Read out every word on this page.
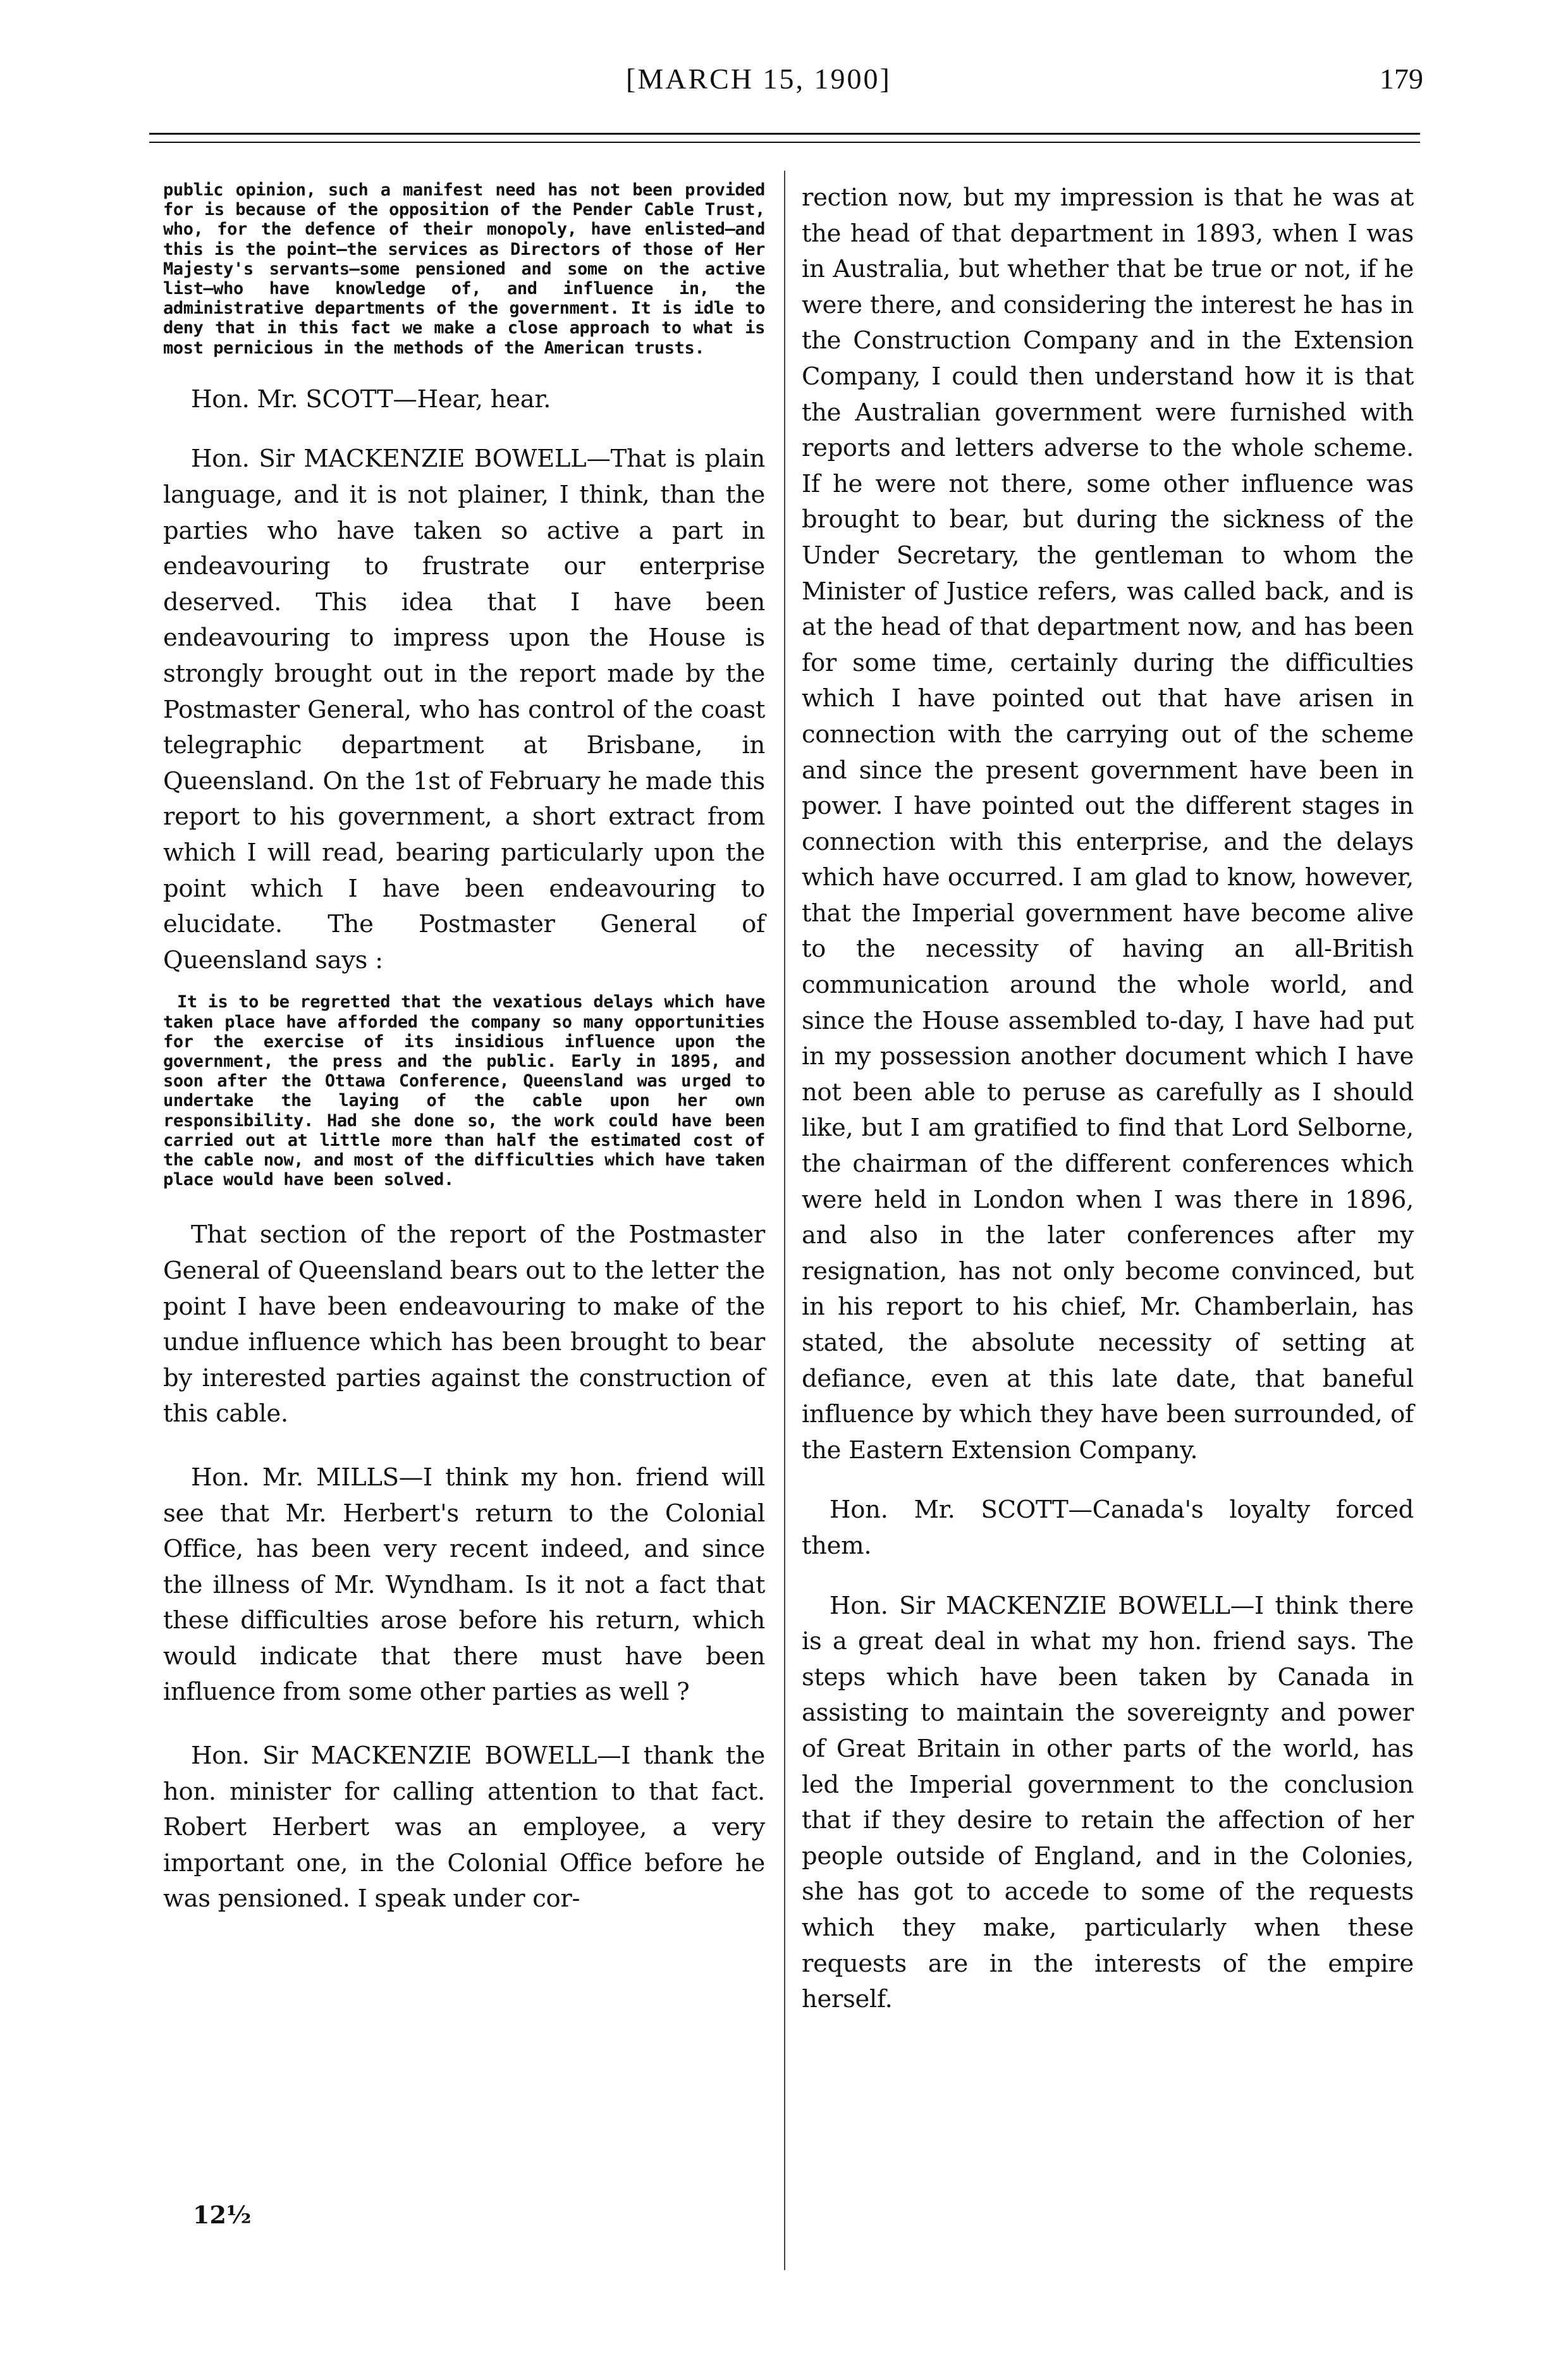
[MARCH 15, 1900]	179

public opinion, such a manifest need has not been provided for is because of the opposition of the Pender Cable Trust, who, for the defence of their monopoly, have enlisted—and this is the point—the services as Directors of those of Her Majesty's servants—some pensioned and some on the active list—who have knowledge of, and influence in, the administrative departments of the government. It is idle to deny that in this fact we make a close approach to what is most pernicious in the methods of the American trusts.

Hon. Mr. SCOTT—Hear, hear.

Hon. Sir MACKENZIE BOWELL—That is plain language, and it is not plainer, I think, than the parties who have taken so active a part in endeavouring to frustrate our enterprise deserved. This idea that I have been endeavouring to impress upon the House is strongly brought out in the report made by the Postmaster General, who has control of the coast telegraphic department at Brisbane, in Queensland. On the 1st of February he made this report to his government, a short extract from which I will read, bearing particularly upon the point which I have been endeavouring to elucidate. The Postmaster General of Queensland says :

It is to be regretted that the vexatious delays which have taken place have afforded the company so many opportunities for the exercise of its insidious influence upon the government, the press and the public. Early in 1895, and soon after the Ottawa Conference, Queensland was urged to undertake the laying of the cable upon her own responsibility. Had she done so, the work could have been carried out at little more than half the estimated cost of the cable now, and most of the difficulties which have taken place would have been solved.

That section of the report of the Postmaster General of Queensland bears out to the letter the point I have been endeavouring to make of the undue influence which has been brought to bear by interested parties against the construction of this cable.

Hon. Mr. MILLS—I think my hon. friend will see that Mr. Herbert's return to the Colonial Office, has been very recent indeed, and since the illness of Mr. Wyndham. Is it not a fact that these difficulties arose before his return, which would indicate that there must have been influence from some other parties as well ?

Hon. Sir MACKENZIE BOWELL—I thank the hon. minister for calling attention to that fact. Robert Herbert was an employee, a very important one, in the Colonial Office before he was pensioned. I speak under cor-

12½

rection now, but my impression is that he was at the head of that department in 1893, when I was in Australia, but whether that be true or not, if he were there, and considering the interest he has in the Construction Company and in the Extension Company, I could then understand how it is that the Australian government were furnished with reports and letters adverse to the whole scheme. If he were not there, some other influence was brought to bear, but during the sickness of the Under Secretary, the gentleman to whom the Minister of Justice refers, was called back, and is at the head of that department now, and has been for some time, certainly during the difficulties which I have pointed out that have arisen in connection with the carrying out of the scheme and since the present government have been in power. I have pointed out the different stages in connection with this enterprise, and the delays which have occurred. I am glad to know, however, that the Imperial government have become alive to the necessity of having an all-British communication around the whole world, and since the House assembled to-day, I have had put in my possession another document which I have not been able to peruse as carefully as I should like, but I am gratified to find that Lord Selborne, the chairman of the different conferences which were held in London when I was there in 1896, and also in the later conferences after my resignation, has not only become convinced, but in his report to his chief, Mr. Chamberlain, has stated, the absolute necessity of setting at defiance, even at this late date, that baneful influence by which they have been surrounded, of the Eastern Extension Company.

Hon. Mr. SCOTT—Canada's loyalty forced them.

Hon. Sir MACKENZIE BOWELL—I think there is a great deal in what my hon. friend says. The steps which have been taken by Canada in assisting to maintain the sovereignty and power of Great Britain in other parts of the world, has led the Imperial government to the conclusion that if they desire to retain the affection of her people outside of England, and in the Colonies, she has got to accede to some of the requests which they make, particularly when these requests are in the interests of the empire herself.
